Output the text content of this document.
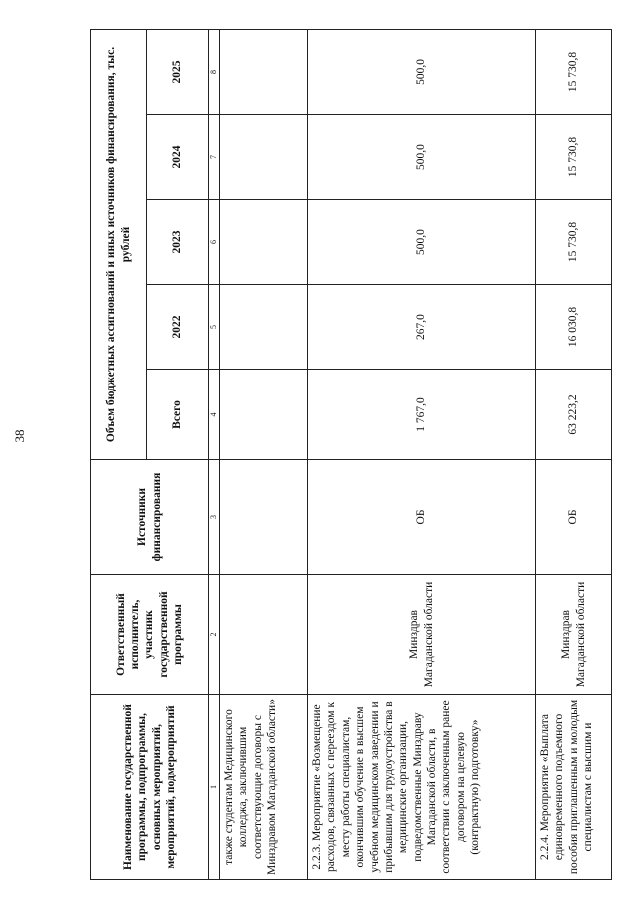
38
Наименование государственной программы, подпрограммы, основных мероприятий, мероприятий, подмероприятий	Ответственный исполнитель, участник государственной программы	Источники финансирования	Объем бюджетных ассигнований и иных источников финансирования, тыс. рублей				
			Всего	2022	2023	2024	2025
1	2	3	4	5	6	7	8
также студентам Медицинского колледжа, заключившим соответствующие договоры с Минздравом Магаданской области»							
2.2.3. Мероприятие «Возмещение расходов, связанных с переездом к месту работы специалистам, окончившим обучение в высшем учебном медицинском заведении и прибывшим для трудоустройства в медицинские организации, подведомственные Минздраву Магаданской области, в соответствии с заключенным ранее договором на целевую (контрактную) подготовку»	Минздрав Магаданской области	ОБ	1 767,0	267,0	500,0	500,0	500,0
2.2.4. Мероприятие «Выплата единовременного подъемного пособия приглашенным и молодым специалистам с высшим и	Минздрав Магаданской области	ОБ	63 223,2	16 030,8	15 730,8	15 730,8	15 730,8
